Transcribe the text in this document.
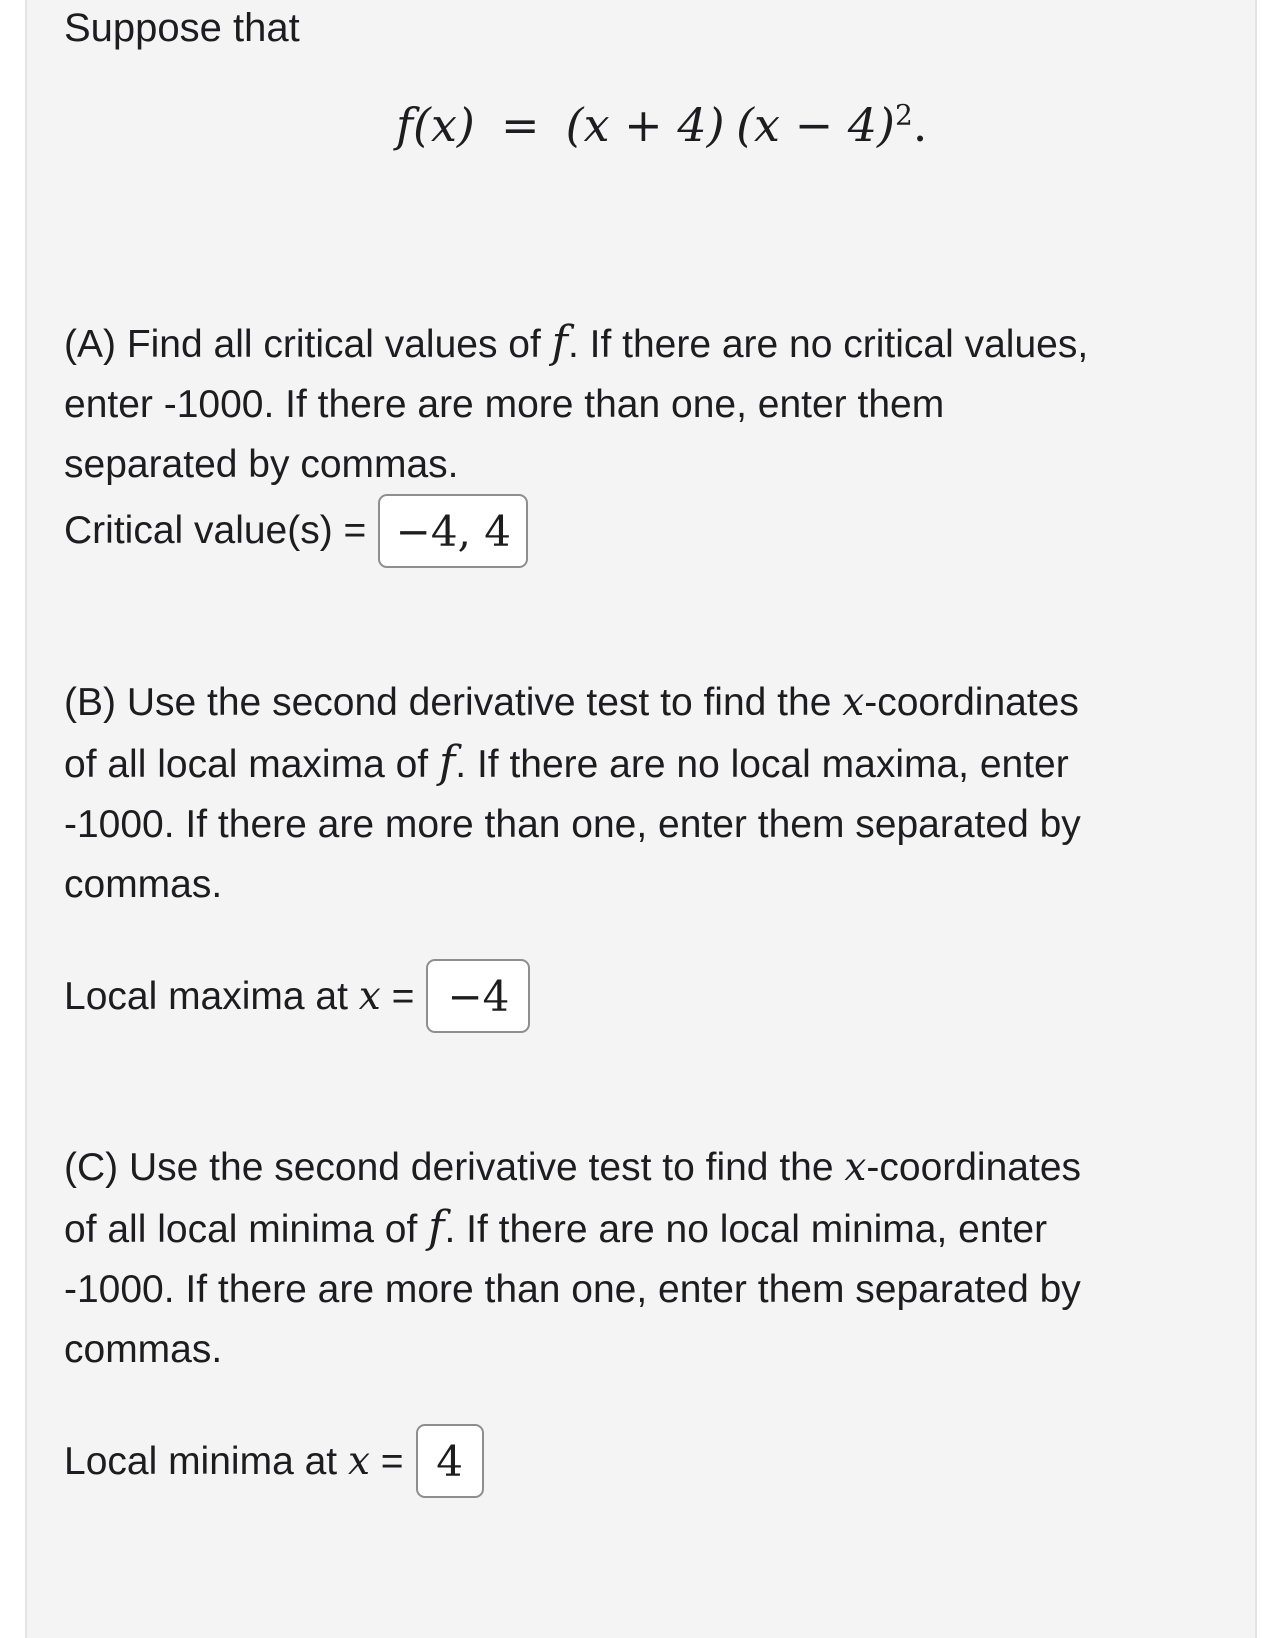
Suppose that
f(x) = (x + 4) $(x - 4)^2$.

(A) Find all critical values of f. If there are no critical values,

enter -1000. If there are more than one, enter them

separated by commas.

Critical value(s) = −4, 4

(B) Use the second derivative test to find the x-coordinates

of all local maxima of f. If there are no local maxima, enter

-1000. If there are more than one, enter them separated by

commas.

Local maxima at x = −4

(C) Use the second derivative test to find the x-coordinates

of all local minima of f. If there are no local minima, enter

-1000. If there are more than one, enter them separated by

commas.

Local minima at x = 4
